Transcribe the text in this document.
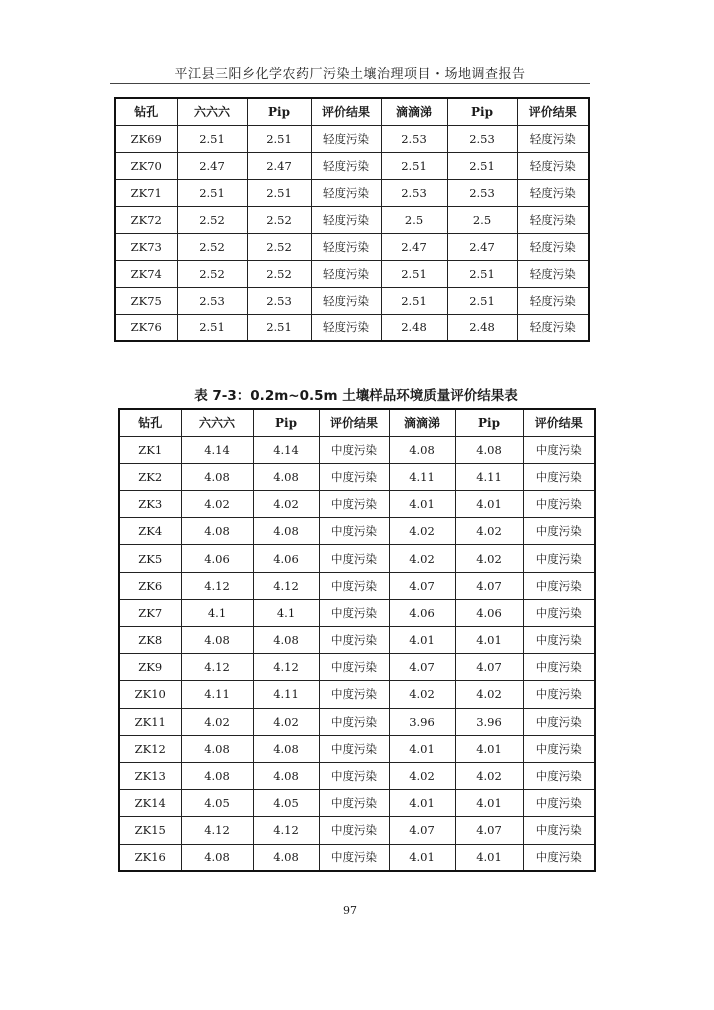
平江县三阳乡化学农药厂污染土壤治理项目・场地调查报告
钻孔	六六六	Pip	评价结果	滴滴涕	Pip	评价结果
ZK69	2.51	2.51	轻度污染	2.53	2.53	轻度污染
ZK70	2.47	2.47	轻度污染	2.51	2.51	轻度污染
ZK71	2.51	2.51	轻度污染	2.53	2.53	轻度污染
ZK72	2.52	2.52	轻度污染	2.5	2.5	轻度污染
ZK73	2.52	2.52	轻度污染	2.47	2.47	轻度污染
ZK74	2.52	2.52	轻度污染	2.51	2.51	轻度污染
ZK75	2.53	2.53	轻度污染	2.51	2.51	轻度污染
ZK76	2.51	2.51	轻度污染	2.48	2.48	轻度污染
表 7-3：0.2m~0.5m 土壤样品环境质量评价结果表
钻孔	六六六	Pip	评价结果	滴滴涕	Pip	评价结果
ZK1	4.14	4.14	中度污染	4.08	4.08	中度污染
ZK2	4.08	4.08	中度污染	4.11	4.11	中度污染
ZK3	4.02	4.02	中度污染	4.01	4.01	中度污染
ZK4	4.08	4.08	中度污染	4.02	4.02	中度污染
ZK5	4.06	4.06	中度污染	4.02	4.02	中度污染
ZK6	4.12	4.12	中度污染	4.07	4.07	中度污染
ZK7	4.1	4.1	中度污染	4.06	4.06	中度污染
ZK8	4.08	4.08	中度污染	4.01	4.01	中度污染
ZK9	4.12	4.12	中度污染	4.07	4.07	中度污染
ZK10	4.11	4.11	中度污染	4.02	4.02	中度污染
ZK11	4.02	4.02	中度污染	3.96	3.96	中度污染
ZK12	4.08	4.08	中度污染	4.01	4.01	中度污染
ZK13	4.08	4.08	中度污染	4.02	4.02	中度污染
ZK14	4.05	4.05	中度污染	4.01	4.01	中度污染
ZK15	4.12	4.12	中度污染	4.07	4.07	中度污染
ZK16	4.08	4.08	中度污染	4.01	4.01	中度污染
97
